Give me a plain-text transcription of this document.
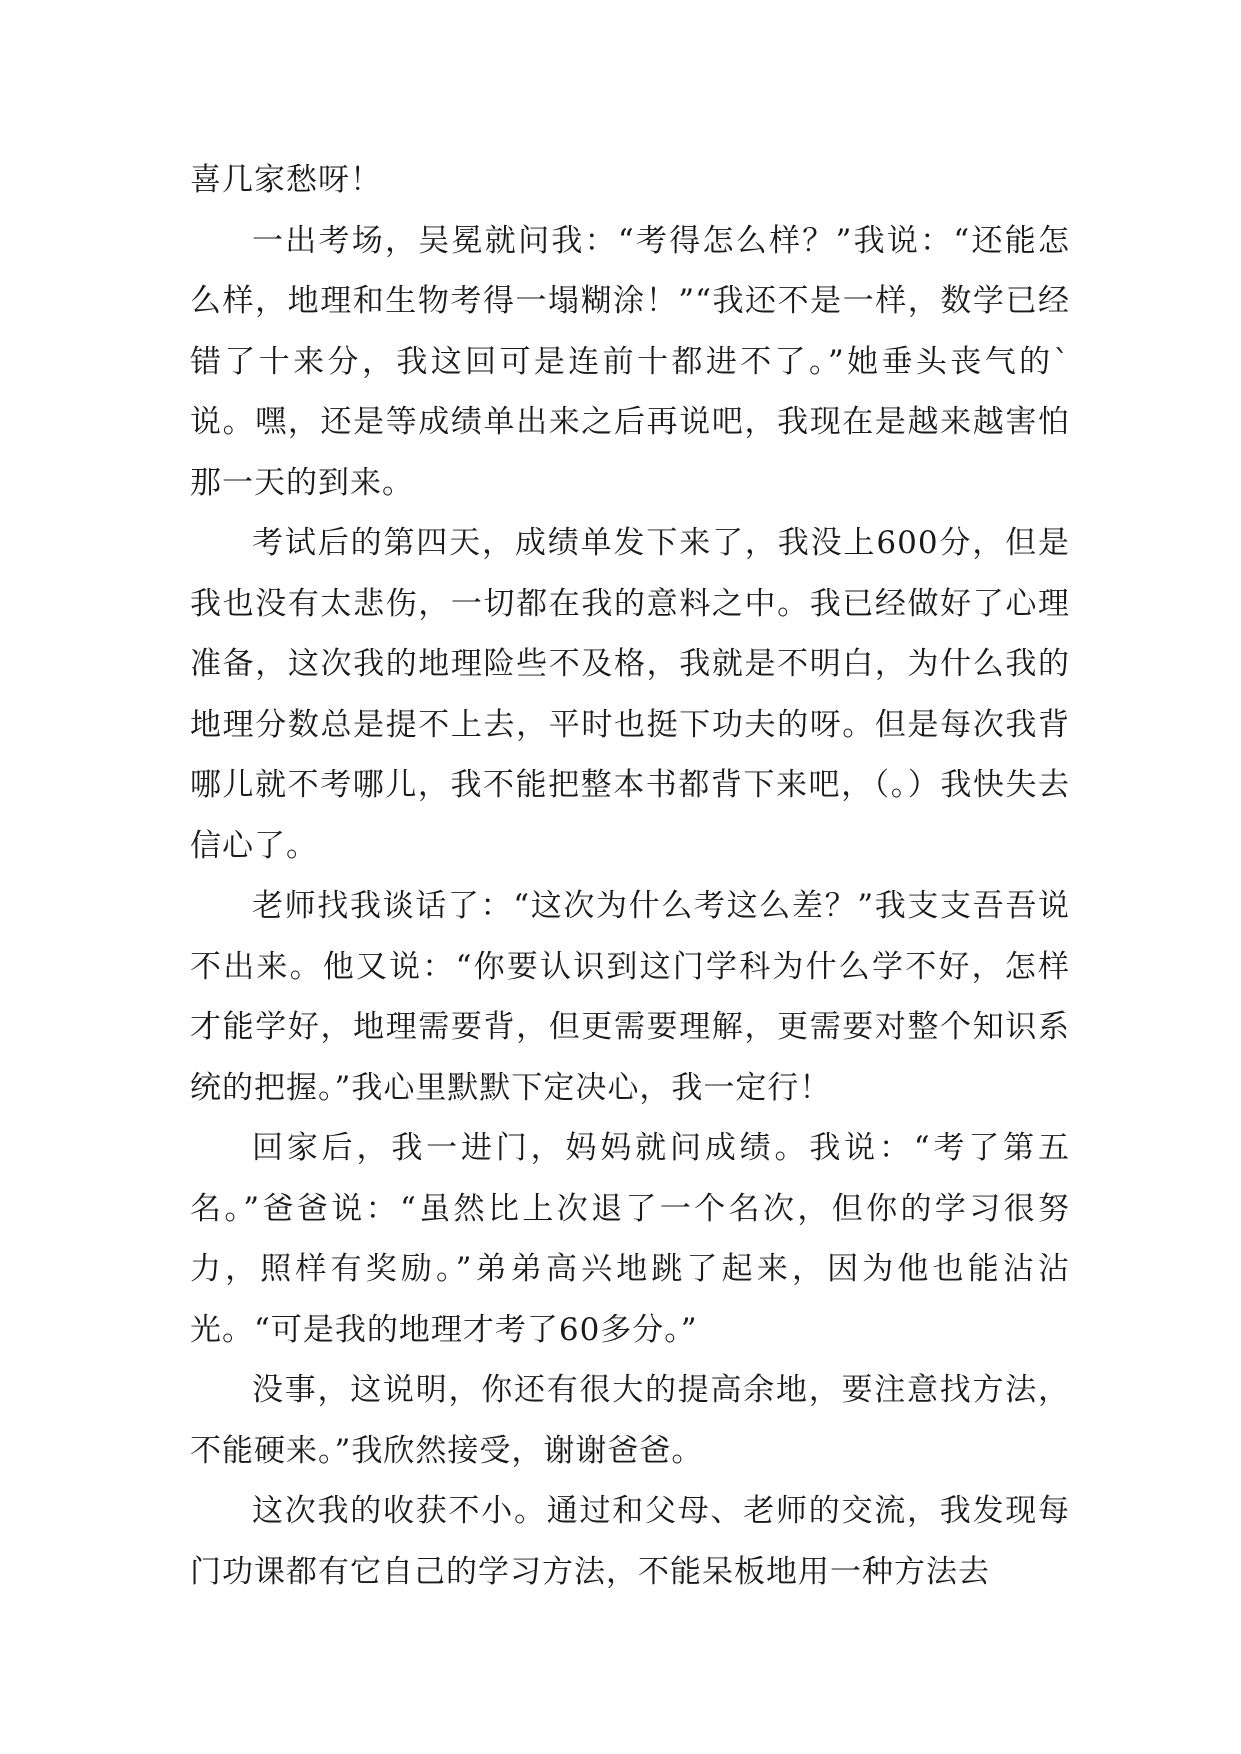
喜几家愁呀！

一出考场，吴冕就问我：“考得怎么样？”我说：“还能怎么样，地理和生物考得一塌糊涂！”“我还不是一样，数学已经错了十来分，我这回可是连前十都进不了。”她垂头丧气的`说。嘿，还是等成绩单出来之后再说吧，我现在是越来越害怕那一天的到来。

考试后的第四天，成绩单发下来了，我没上600分，但是我也没有太悲伤，一切都在我的意料之中。我已经做好了心理准备，这次我的地理险些不及格，我就是不明白，为什么我的地理分数总是提不上去，平时也挺下功夫的呀。但是每次我背哪儿就不考哪儿，我不能把整本书都背下来吧，（。）我快失去信心了。

老师找我谈话了：“这次为什么考这么差？”我支支吾吾说不出来。他又说：“你要认识到这门学科为什么学不好，怎样才能学好，地理需要背，但更需要理解，更需要对整个知识系统的把握。”我心里默默下定决心，我一定行！

回家后，我一进门，妈妈就问成绩。我说：“考了第五名。”爸爸说：“虽然比上次退了一个名次，但你的学习很努力，照样有奖励。”弟弟高兴地跳了起来，因为他也能沾沾光。“可是我的地理才考了60多分。”

没事，这说明，你还有很大的提高余地，要注意找方法，不能硬来。”我欣然接受，谢谢爸爸。

这次我的收获不小。通过和父母、老师的交流，我发现每门功课都有它自己的学习方法，不能呆板地用一种方法去
